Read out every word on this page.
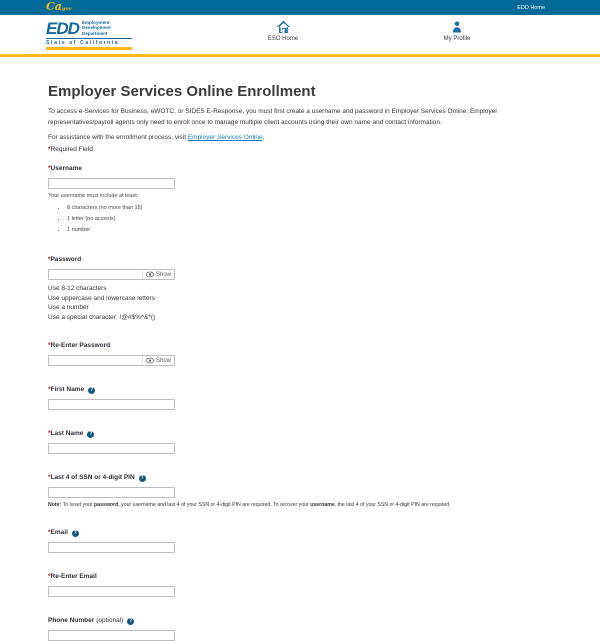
Cagov	EDD Home
EDD Employment
Development
Department
State of California
ESO Home	My Profile
Employer Services Online Enrollment

To access e-Services for Business, eWOTC, or SIDES E-Response, you must first create a username and password in Employer Services Online. Employer representatives/payroll agents only need to enroll once to manage multiple client accounts using their own name and contact information.

For assistance with the enrollment process, visit Employer Services Online.

*Required Field

* Username
Your username must include at least:
• 8 characters (no more than 15)
• 1 letter (no accents)
• 1 number
* Password
Show
Use 8-12 characters
Use uppercase and lowercase letters
Use a number
Use a special character: !@#$%^&*()
* Re-Enter Password
Show
* First Name	?
* Last Name	?
* Last 4 of SSN or 4-digit PIN	?
Note: To reset your password, your username and last 4 of your SSN or 4-digit PIN are required. To recover your username, the last 4 of your SSN or 4-digit PIN are required.
* Email	?
* Re-Enter Email
Phone Number (optional)	?
